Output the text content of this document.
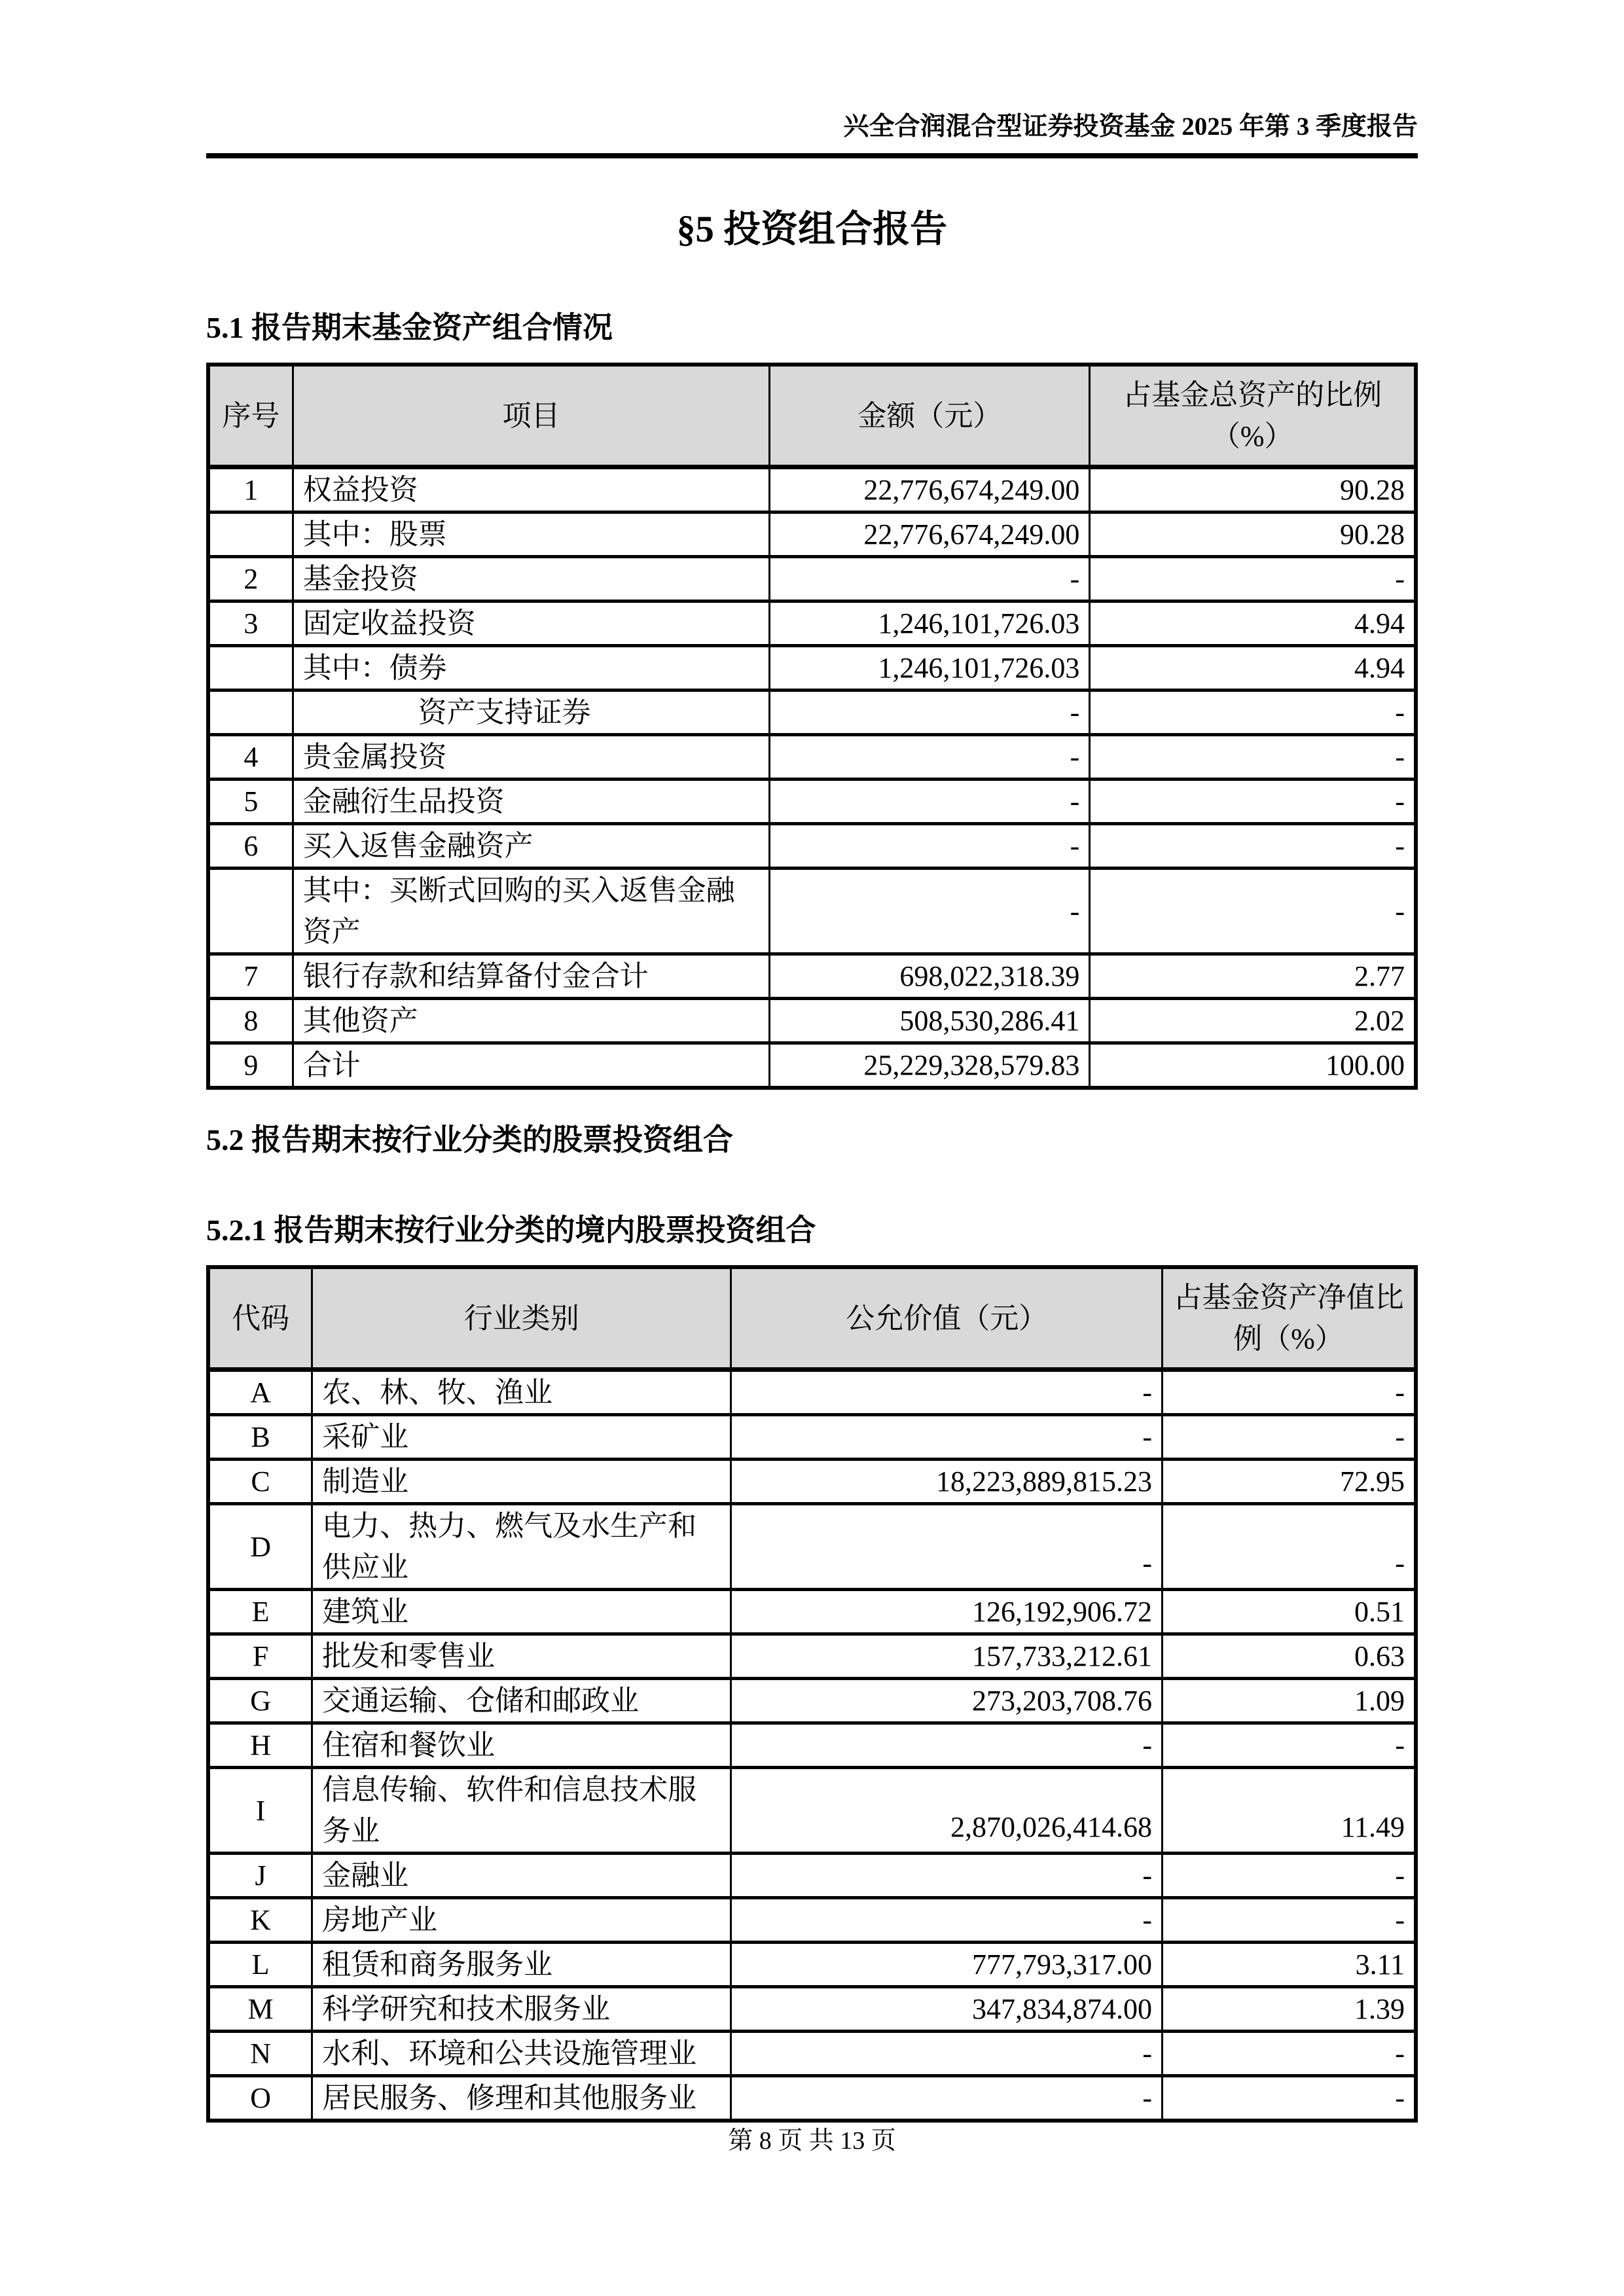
兴全合润混合型证券投资基金 2025 年第 3 季度报告
§5 投资组合报告
5.1 报告期末基金资产组合情况
序号	项目	金额（元）	占基金总资产的比例（%）
1	权益投资	22,776,674,249.00	90.28
	其中：股票	22,776,674,249.00	90.28
2	基金投资	-	-
3	固定收益投资	1,246,101,726.03	4.94
	其中：债券	1,246,101,726.03	4.94
	资产支持证券	-	-
4	贵金属投资	-	-
5	金融衍生品投资	-	-
6	买入返售金融资产	-	-
	其中：买断式回购的买入返售金融资产	-	-
7	银行存款和结算备付金合计	698,022,318.39	2.77
8	其他资产	508,530,286.41	2.02
9	合计	25,229,328,579.83	100.00
5.2 报告期末按行业分类的股票投资组合
5.2.1 报告期末按行业分类的境内股票投资组合
代码	行业类别	公允价值（元）	占基金资产净值比例（%）
A	农、林、牧、渔业	-	-
B	采矿业	-	-
C	制造业	18,223,889,815.23	72.95
D	电力、热力、燃气及水生产和供应业	-	-
E	建筑业	126,192,906.72	0.51
F	批发和零售业	157,733,212.61	0.63
G	交通运输、仓储和邮政业	273,203,708.76	1.09
H	住宿和餐饮业	-	-
I	信息传输、软件和信息技术服务业	2,870,026,414.68	11.49
J	金融业	-	-
K	房地产业	-	-
L	租赁和商务服务业	777,793,317.00	3.11
M	科学研究和技术服务业	347,834,874.00	1.39
N	水利、环境和公共设施管理业	-	-
O	居民服务、修理和其他服务业	-	-
第 8 页 共 13 页
